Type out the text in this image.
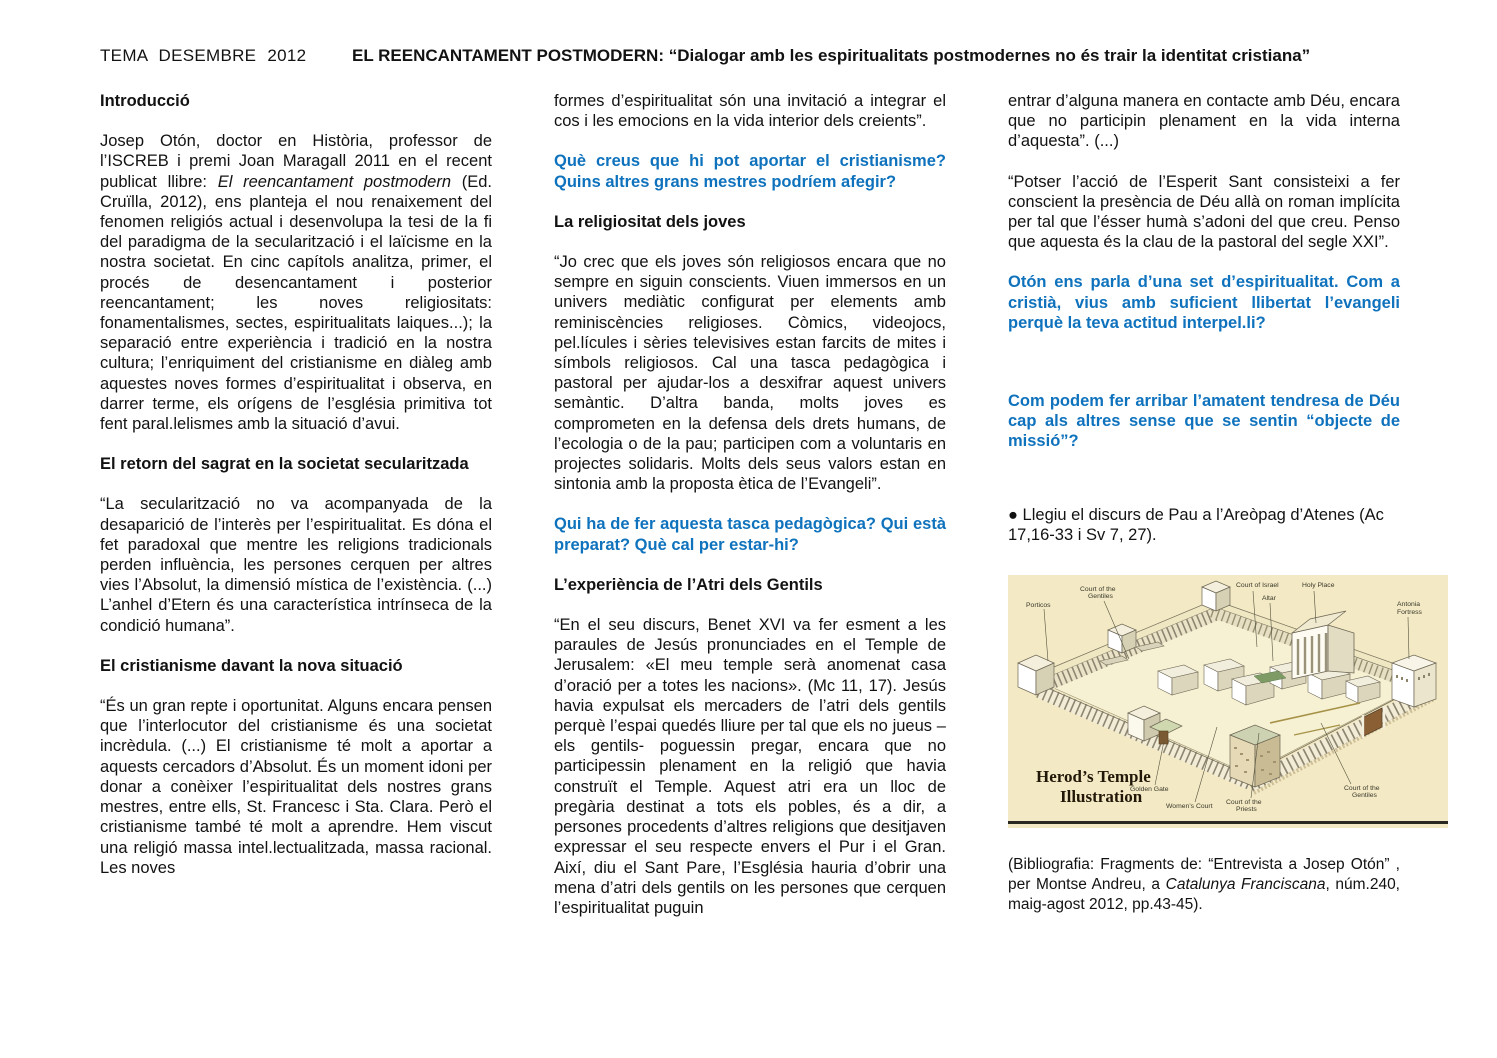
TEMA DESEMBRE 2012	EL REENCANTAMENT POSTMODERN: “Dialogar amb les espiritualitats postmodernes no és trair la identitat cristiana”

Introducció

Josep Otón, doctor en Història, professor de l’ISCREB i premi Joan Maragall 2011 en el recent publicat llibre: El reencantament postmodern (Ed. Cruïlla, 2012), ens planteja el nou renaixement del fenomen religiós actual i desenvolupa la tesi de la fi del paradigma de la secularització i el laïcisme en la nostra societat. En cinc capítols analitza, primer, el procés de desencantament i posterior reencantament; les noves religiositats: fonamentalismes, sectes, espiritualitats laiques...); la separació entre experiència i tradició en la nostra cultura; l’enriquiment del cristianisme en diàleg amb aquestes noves formes d’espiritualitat i observa, en darrer terme, els orígens de l’església primitiva tot fent paral.lelismes amb la situació d’avui.

El retorn del sagrat en la societat secularitzada

“La secularització no va acompanyada de la desaparició de l’interès per l’espiritualitat. Es dóna el fet paradoxal que mentre les religions tradicionals perden influència, les persones cerquen per altres vies l’Absolut, la dimensió mística de l’existència. (...) L’anhel d’Etern és una característica intrínseca de la condició humana”.

El cristianisme davant la nova situació

“És un gran repte i oportunitat. Alguns encara pensen que l’interlocutor del cristianisme és una societat incrèdula. (...) El cristianisme té molt a aportar a aquests cercadors d’Absolut. És un moment idoni per donar a conèixer l’espiritualitat dels nostres grans mestres, entre ells, St. Francesc i Sta. Clara. Però el cristianisme també té molt a aprendre. Hem viscut una religió massa intel.lectualitzada, massa racional. Les noves

formes d’espiritualitat són una invitació a integrar el cos i les emocions en la vida interior dels creients”.

Què creus que hi pot aportar el cristianisme? Quins altres grans mestres podríem afegir?

La religiositat dels joves

“Jo crec que els joves són religiosos encara que no sempre en siguin conscients. Viuen immersos en un univers mediàtic configurat per elements amb reminiscències religioses. Còmics, videojocs, pel.lícules i sèries televisives estan farcits de mites i símbols religiosos. Cal una tasca pedagògica i pastoral per ajudar-los a desxifrar aquest univers semàntic. D’altra banda, molts joves es comprometen en la defensa dels drets humans, de l’ecologia o de la pau; participen com a voluntaris en projectes solidaris. Molts dels seus valors estan en sintonia amb la proposta ètica de l’Evangeli”.

Qui ha de fer aquesta tasca pedagògica? Qui està preparat? Què cal per estar-hi?

L’experiència de l’Atri dels Gentils

“En el seu discurs, Benet XVI va fer esment a les paraules de Jesús pronunciades en el Temple de Jerusalem: «El meu temple serà anomenat casa d’oració per a totes les nacions». (Mc 11, 17). Jesús havia expulsat els mercaders de l’atri dels gentils perquè l’espai quedés lliure per tal que els no jueus –els gentils- poguessin pregar, encara que no participessin plenament en la religió que havia construït el Temple. Aquest atri era un lloc de pregària destinat a tots els pobles, és a dir, a persones procedents d’altres religions que desitjaven expressar el seu respecte envers el Pur i el Gran. Així, diu el Sant Pare, l’Església hauria d’obrir una mena d’atri dels gentils on les persones que cerquen l’espiritualitat puguin

entrar d’alguna manera en contacte amb Déu, encara que no participin plenament en la vida interna d’aquesta”. (...)

“Potser l’acció de l’Esperit Sant consisteixi a fer conscient la presència de Déu allà on roman implícita per tal que l’ésser humà s’adoni del que creu. Penso que aquesta és la clau de la pastoral del segle XXI”.

Otón ens parla d’una set d’espiritualitat. Com a cristià, vius amb suficient llibertat l’evangeli perquè la teva actitud interpel.li?

Com podem fer arribar l’amatent tendresa de Déu cap als altres sense que se sentin “objecte de missió”?

● Llegiu el discurs de Pau a l’Areòpag d’Atenes (Ac 17,16-33 i Sv 7, 27).

Porticos
Court of the
Gentiles
Court of Israel
Altar
Holy Place
Antonia
Fortress
Golden Gate
Women’s Court
Court of the
Priests
Court of the
Gentiles
Herod’s Temple
Illustration

(Bibliografia: Fragments de: “Entrevista a Josep Otón” , per Montse Andreu, a Catalunya Franciscana, núm.240, maig-agost 2012, pp.43-45).
